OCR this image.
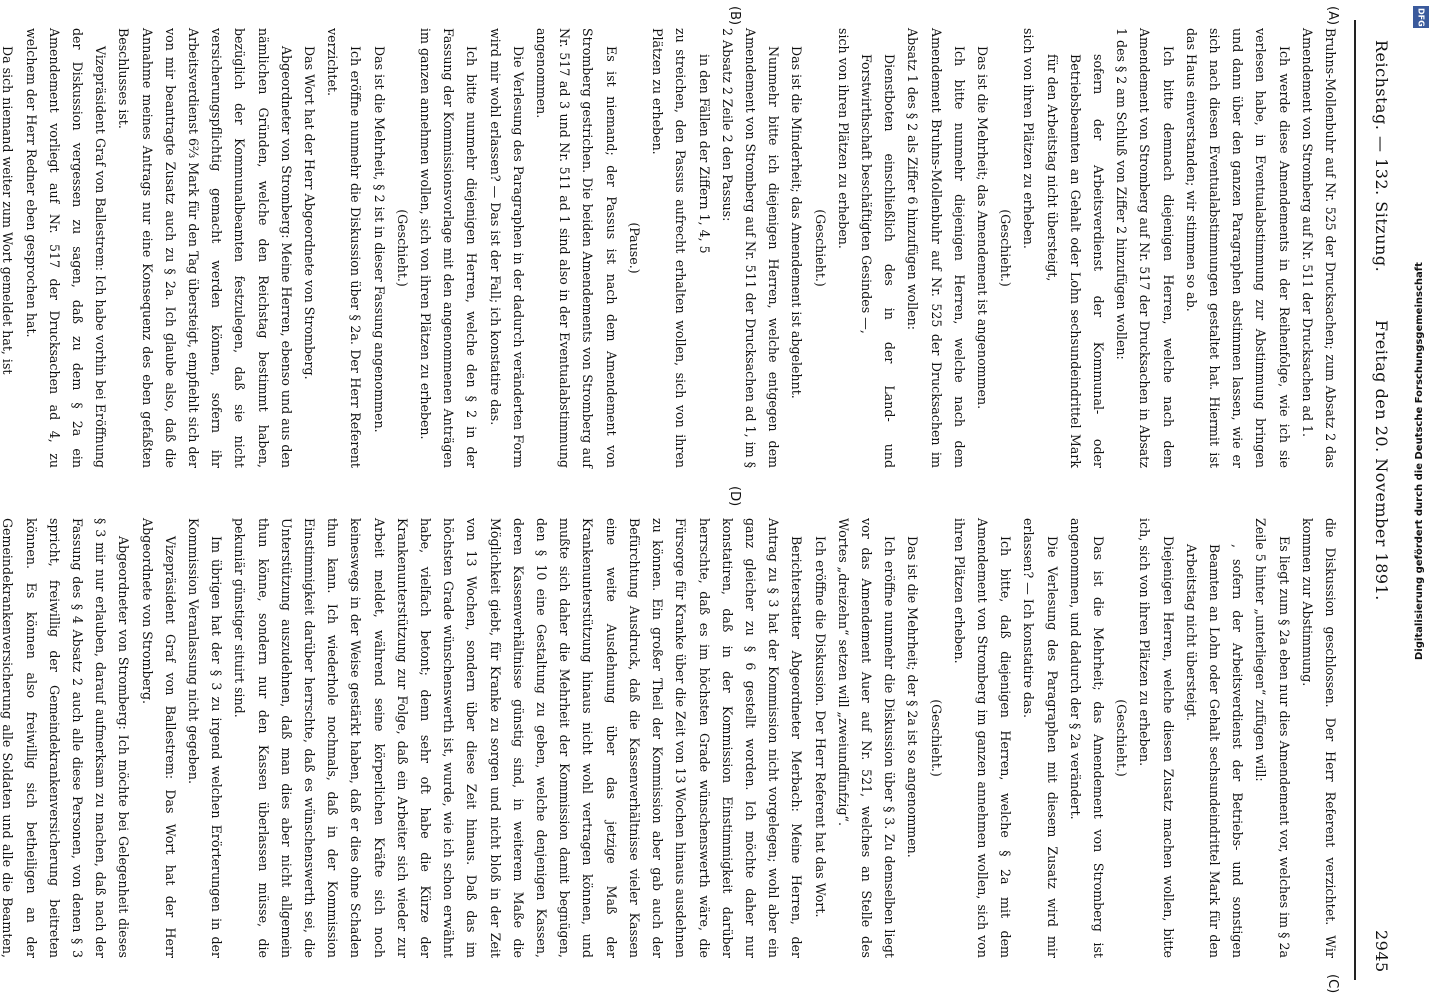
Reichstag. — 132. Sitzung.
Freitag den 20. November 1891.
2945
(A)
(B)
(C)
(D)

Bruhns-Mollenbuhr auf Nr. 525 der Drucksachen; zum Absatz 2 das Amendement von Stromberg auf Nr. 511 der Drucksachen ad 1.

Ich werde diese Amendements in der Reihenfolge, wie ich sie verlesen habe, in Eventualabstimmung zur Abstimmung bringen und dann über den ganzen Paragraphen abstimmen lassen, wie er sich nach diesen Eventualabstimmungen gestaltet hat. Hiermit ist das Haus einverstanden; wir stimmen so ab.

Ich bitte demnach diejenigen Herren, welche nach dem Amendement von Stromberg auf Nr. 517 der Drucksachen in Absatz 1 des § 2 am Schluß von Ziffer 2 hinzufügen wollen:

sofern der Arbeitsverdienst der Kommunal- oder Betriebsbeamten an Gehalt oder Lohn sechsundeindrittel Mark für den Arbeitstag nicht übersteigt,

sich von ihren Plätzen zu erheben.

(Geschieht.)

Das ist die Mehrheit; das Amendement ist angenommen.

Ich bitte nunmehr diejenigen Herren, welche nach dem Amendement Bruhns-Mollenbuhr auf Nr. 525 der Drucksachen im Absatz 1 des § 2 als Ziffer 6 hinzufügen wollen:

Dienstboten einschließlich des in der Land- und Forstwirthschaft beschäftigten Gesindes —,

sich von ihren Plätzen zu erheben.

(Geschieht.)

Das ist die Minderheit; das Amendement ist abgelehnt.

Nunmehr bitte ich diejenigen Herren, welche entgegen dem Amendement von Stromberg auf Nr. 511 der Drucksachen ad 1, im § 2 Absatz 2 Zeile 2 den Passus:

in den Fällen der Ziffern 1, 4, 5

zu streichen, den Passus aufrecht erhalten wollen, sich von ihren Plätzen zu erheben.

(Pause.)

Es ist niemand; der Passus ist nach dem Amendement von Stromberg gestrichen. Die beiden Amendements von Stromberg auf Nr. 517 ad 3 und Nr. 511 ad 1 sind also in der Eventualabstimmung angenommen.

Die Verlesung des Paragraphen in der dadurch veränderten Form wird mir wohl erlassen? — Das ist der Fall; ich konstatire das.

Ich bitte nunmehr diejenigen Herren, welche den § 2 in der Fassung der Kommissionsvorlage mit den angenommenen Anträgen im ganzen annehmen wollen, sich von ihren Plätzen zu erheben.

(Geschieht.)

Das ist die Mehrheit, § 2 ist in dieser Fassung angenommen.

Ich eröffne nunmehr die Diskussion über § 2a. Der Herr Referent verzichtet.

Das Wort hat der Herr Abgeordnete von Stromberg.

Abgeordneter von Stromberg: Meine Herren, ebenso und aus den nämlichen Gründen, welche den Reichstag bestimmt haben, bezüglich der Kommunalbeamten festzulegen, daß sie nicht versicherungspflichtig gemacht werden können, sofern ihr Arbeitsverdienst 6⅔ Mark für den Tag übersteigt, empfiehlt sich der von mir beantragte Zusatz auch zu § 2a. Ich glaube also, daß die Annahme meines Antrags nur eine Konsequenz des eben gefaßten Beschlusses ist.

Vizepräsident Graf von Ballestrem: Ich habe vorhin bei Eröffnung der Diskussion vergessen zu sagen, daß zu dem § 2a ein Amendement vorliegt auf Nr. 517 der Drucksachen ad 4, zu welchem der Herr Redner eben gesprochen hat.

Da sich niemand weiter zum Wort gemeldet hat, ist

die Diskussion geschlossen. Der Herr Referent verzichtet. Wir kommen zur Abstimmung.

Es liegt zum § 2a eben nur dies Amendement vor, welches im § 2a Zeile 5 hinter „unterliegen“ zufügen will:

, sofern der Arbeitsverdienst der Betriebs- und sonstigen Beamten an Lohn oder Gehalt sechsundeindrittel Mark für den Arbeitstag nicht übersteigt.

Diejenigen Herren, welche diesen Zusatz machen wollen, bitte ich, sich von ihren Plätzen zu erheben.

(Geschieht.)

Das ist die Mehrheit; das Amendement von Stromberg ist angenommen, und dadurch der § 2a verändert.

Die Verlesung des Paragraphen mit diesem Zusatz wird mir erlassen? — Ich konstatire das.

Ich bitte, daß diejenigen Herren, welche § 2a mit dem Amendement von Stromberg im ganzen annehmen wollen, sich von ihren Plätzen erheben.

(Geschieht.)

Das ist die Mehrheit; der § 2a ist so angenommen.

Ich eröffne nunmehr die Diskussion über § 3. Zu demselben liegt vor das Amendement Auer auf Nr. 521, welches an Stelle des Wortes „dreizehn“ setzen will „zweiundfünfzig“.

Ich eröffne die Diskussion. Der Herr Referent hat das Wort.

Berichterstatter Abgeordneter Merbach: Meine Herren, der Antrag zu § 3 hat der Kommission nicht vorgelegen; wohl aber ein ganz gleicher zu § 6 gestellt worden. Ich möchte daher nur konstatiren, daß in der Kommission Einstimmigkeit darüber herrschte, daß es im höchsten Grade wünschenswerth wäre, die Fürsorge für Kranke über die Zeit von 13 Wochen hinaus ausdehnen zu können. Ein großer Theil der Kommission aber gab auch der Befürchtung Ausdruck, daß die Kassenverhältnisse vieler Kassen eine weite Ausdehnung über das jetzige Maß der Krankenunterstützung hinaus nicht wohl vertragen können, und mußte sich daher die Mehrheit der Kommission damit begnügen, den § 10 eine Gestaltung zu geben, welche denjenigen Kassen, deren Kassenverhältnisse günstig sind, in weiterem Maße die Möglichkeit giebt, für Kranke zu sorgen und nicht bloß in der Zeit von 13 Wochen, sondern über diese Zeit hinaus. Daß das im höchsten Grade wünschenswerth ist, wurde, wie ich schon erwähnt habe, vielfach betont; denn sehr oft habe die Kürze der Krankenunterstützung zur Folge, daß ein Arbeiter sich wieder zur Arbeit meldet, während seine körperlichen Kräfte sich noch keineswegs in der Weise gestärkt haben, daß er dies ohne Schaden thun kann. Ich wiederhole nochmals, daß in der Kommission Einstimmigkeit darüber herrschte, daß es wünschenswerth sei, die Unterstützung auszudehnen, daß man dies aber nicht allgemein thun könne, sondern nur den Kassen überlassen müsse, die pekuniär günstiger situirt sind.

Im übrigen hat der § 3 zu irgend welchen Erörterungen in der Kommission Veranlassung nicht gegeben.

Vizepräsident Graf von Ballestrem: Das Wort hat der Herr Abgeordnete von Stromberg.

Abgeordneter von Stromberg: Ich möchte bei Gelegenheit dieses § 3 mir nur erlauben, darauf aufmerksam zu machen, daß nach der Fassung des § 4 Absatz 2 auch alle diese Personen, von denen § 3 spricht, freiwillig der Gemeindekrankenversicherung beitreten können. Es können also freiwillig sich betheiligen an der Gemeindekrankenversicherung alle Soldaten und alle die Beamten,

DFG
Digitalisierung gefördert durch die Deutsche Forschungsgemeinschaft
